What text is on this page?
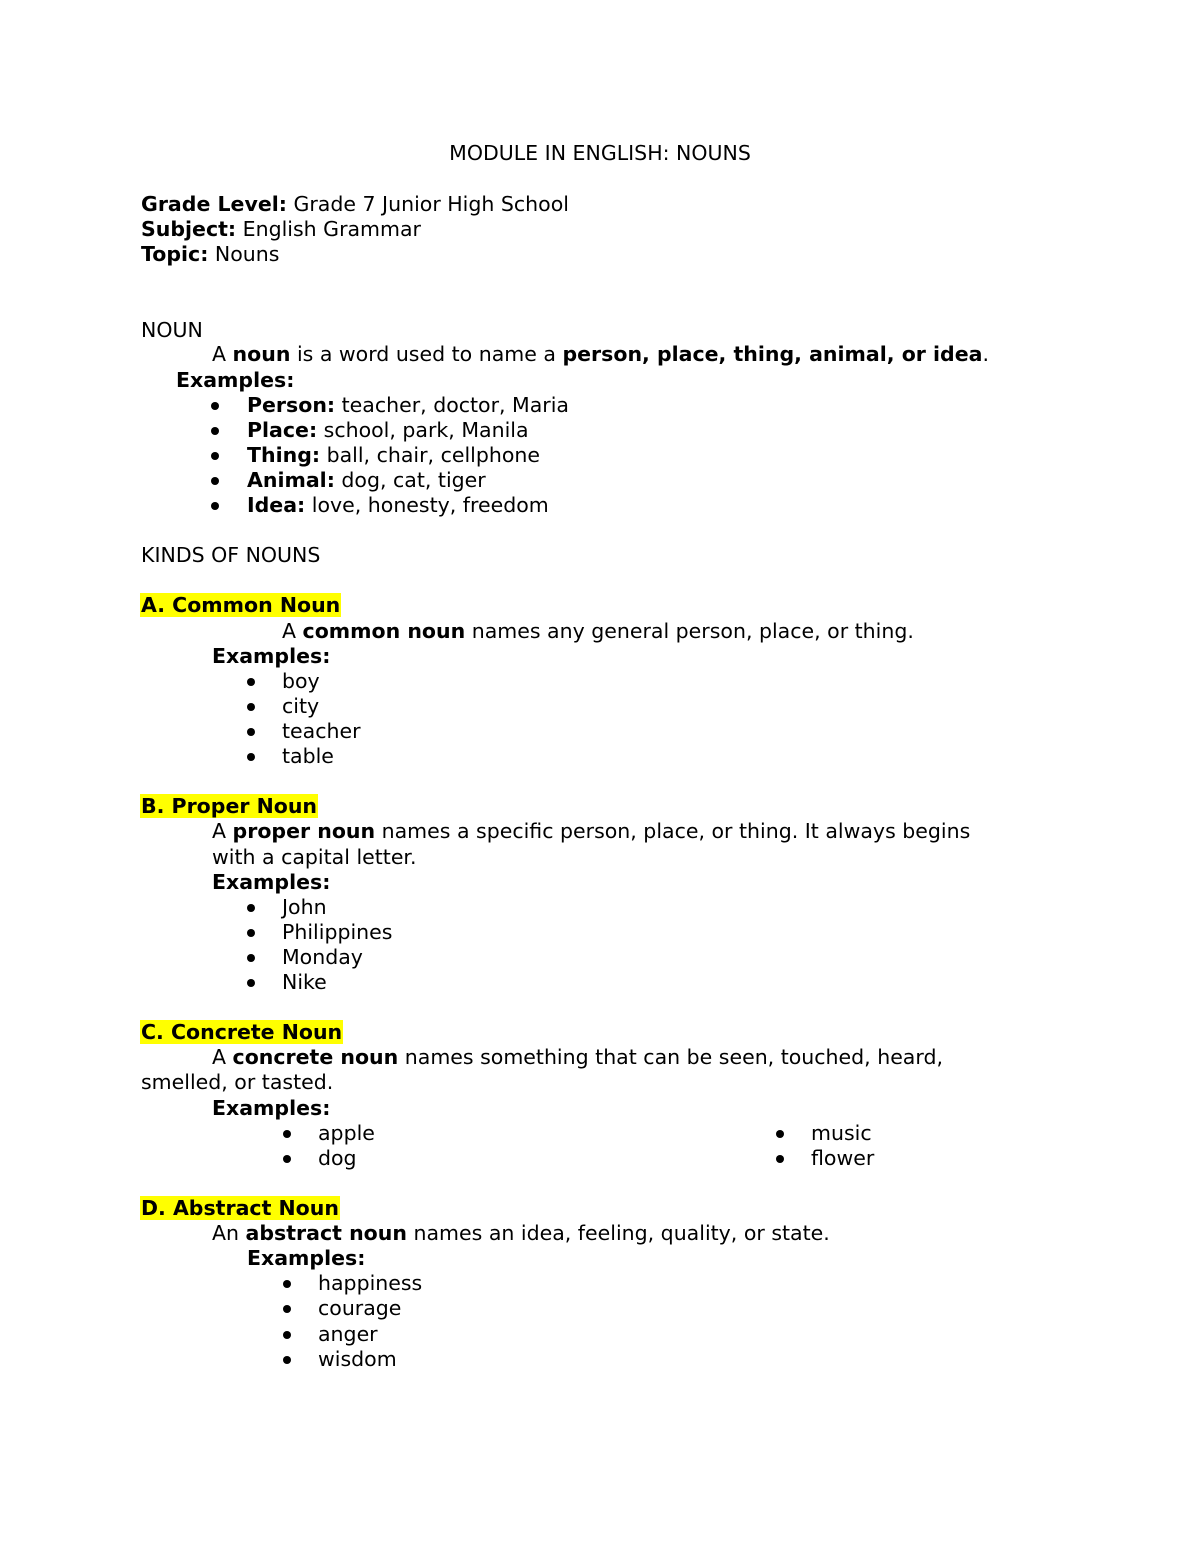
MODULE IN ENGLISH: NOUNS
Grade Level: Grade 7 Junior High School
Subject: English Grammar
Topic: Nouns
NOUN
A noun is a word used to name a person, place, thing, animal, or idea.
Examples:
Person: teacher, doctor, Maria
Place: school, park, Manila
Thing: ball, chair, cellphone
Animal: dog, cat, tiger
Idea: love, honesty, freedom
KINDS OF NOUNS
A. Common Noun
A common noun names any general person, place, or thing.
Examples:
boy
city
teacher
table
B. Proper Noun
A proper noun names a specific person, place, or thing. It always begins
with a capital letter.
Examples:
John
Philippines
Monday
Nike
C. Concrete Noun
A concrete noun names something that can be seen, touched, heard,
smelled, or tasted.
Examples:
apple
dog
music
flower
D. Abstract Noun
An abstract noun names an idea, feeling, quality, or state.
Examples:
happiness
courage
anger
wisdom
